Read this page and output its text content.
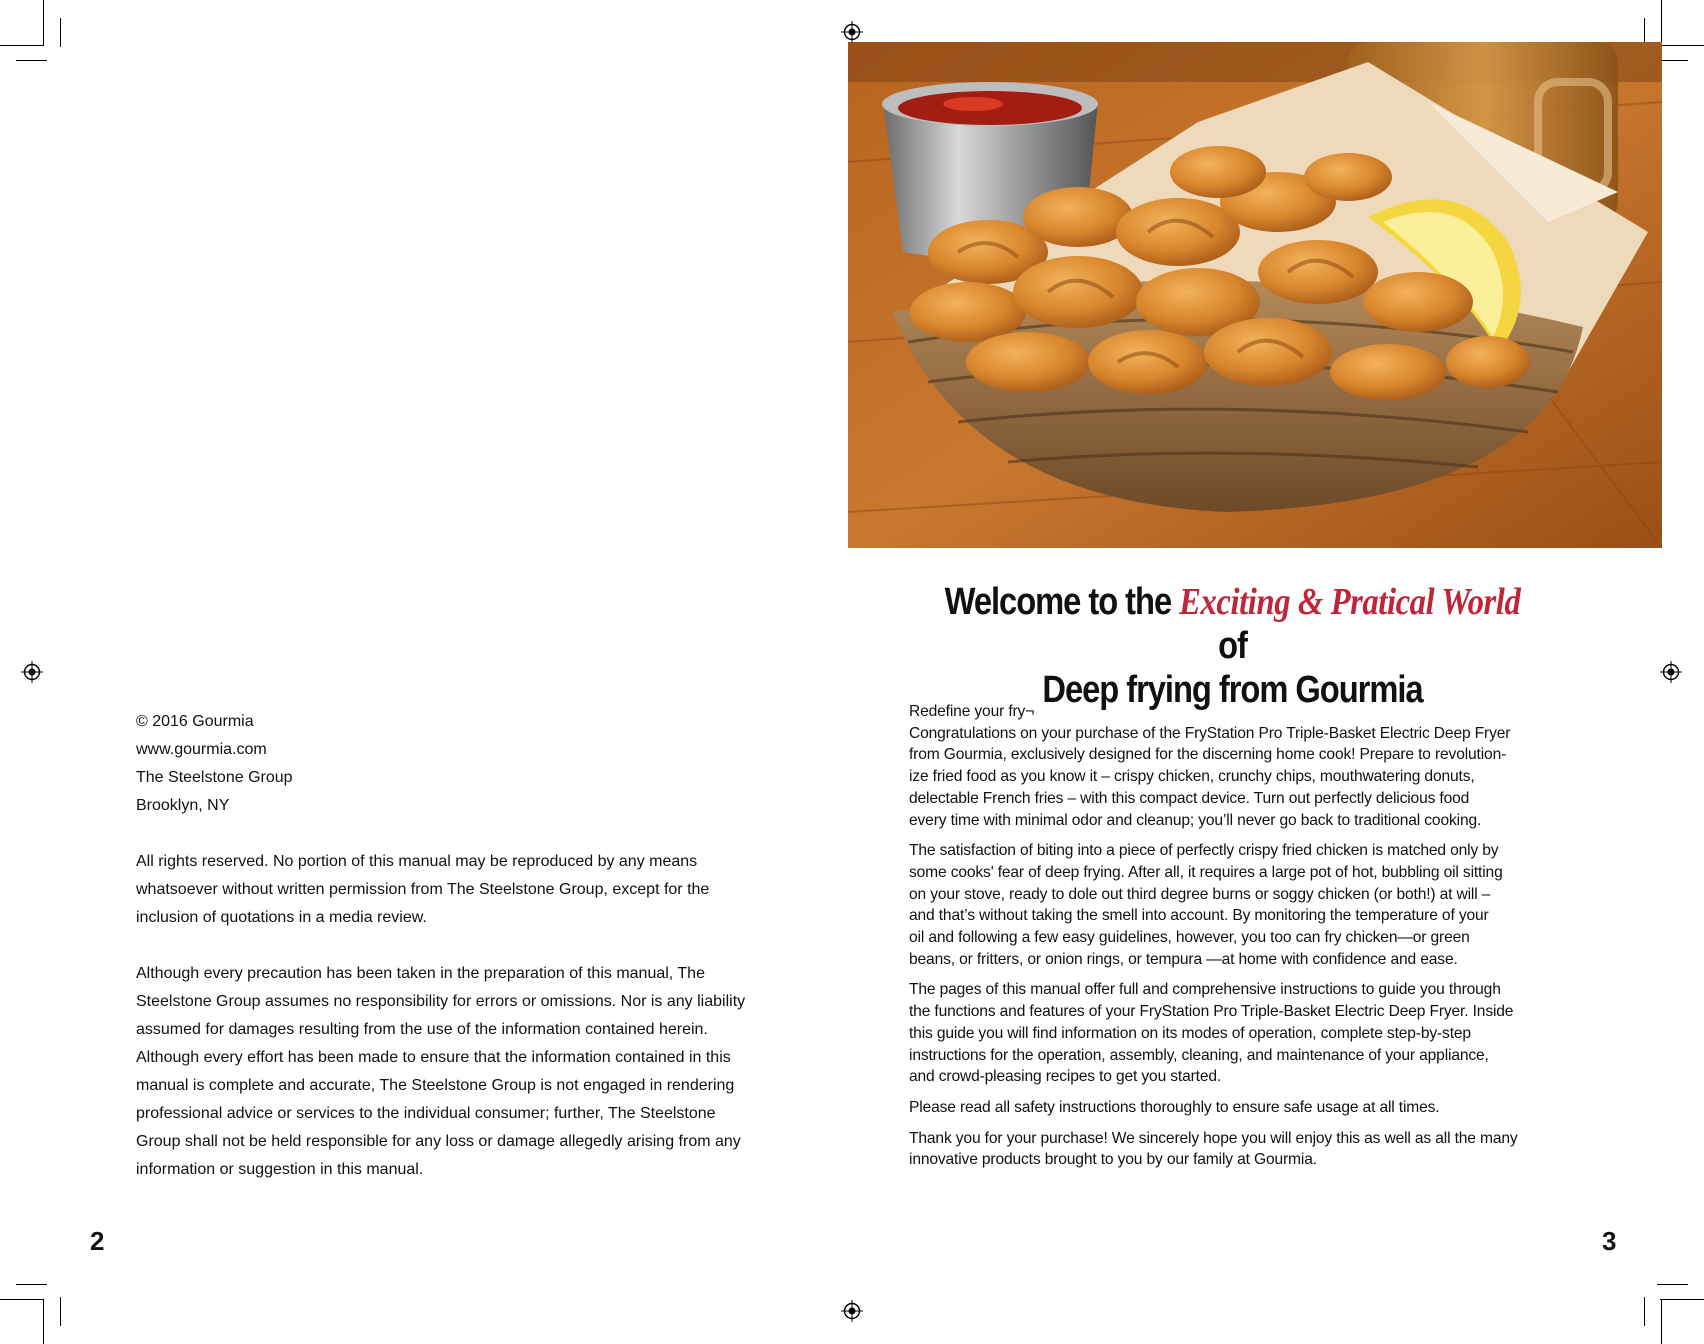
© 2016 Gourmia

www.gourmia.com

The Steelstone Group

Brooklyn, NY

All rights reserved. No portion of this manual may be reproduced by any means

whatsoever without written permission from The Steelstone Group, except for the

inclusion of quotations in a media review.

Although every precaution has been taken in the preparation of this manual, The

Steelstone Group assumes no responsibility for errors or omissions. Nor is any liability

assumed for damages resulting from the use of the information contained herein.

Although every effort has been made to ensure that the information contained in this

manual is complete and accurate, The Steelstone Group is not engaged in rendering

professional advice or services to the individual consumer; further, The Steelstone

Group shall not be held responsible for any loss or damage allegedly arising from any

information or suggestion in this manual.

2
Welcome to the Exciting & Pratical World of
Deep frying from Gourmia

Redefine your fry¬
Congratulations on your purchase of the FryStation Pro Triple-Basket Electric Deep Fryer
from Gourmia, exclusively designed for the discerning home cook! Prepare to revolution-
ize fried food as you know it – crispy chicken, crunchy chips, mouthwatering donuts,
delectable French fries – with this compact device. Turn out perfectly delicious food
every time with minimal odor and cleanup; you’ll never go back to traditional cooking.

The satisfaction of biting into a piece of perfectly crispy fried chicken is matched only by
some cooks' fear of deep frying. After all, it requires a large pot of hot, bubbling oil sitting
on your stove, ready to dole out third degree burns or soggy chicken (or both!) at will –
and that’s without taking the smell into account. By monitoring the temperature of your
oil and following a few easy guidelines, however, you too can fry chicken—or green
beans, or fritters, or onion rings, or tempura —at home with confidence and ease.

The pages of this manual offer full and comprehensive instructions to guide you through
the functions and features of your FryStation Pro Triple-Basket Electric Deep Fryer. Inside
this guide you will find information on its modes of operation, complete step-by-step
instructions for the operation, assembly, cleaning, and maintenance of your appliance,
and crowd-pleasing recipes to get you started.

Please read all safety instructions thoroughly to ensure safe usage at all times.

Thank you for your purchase! We sincerely hope you will enjoy this as well as all the many
innovative products brought to you by our family at Gourmia.

3
